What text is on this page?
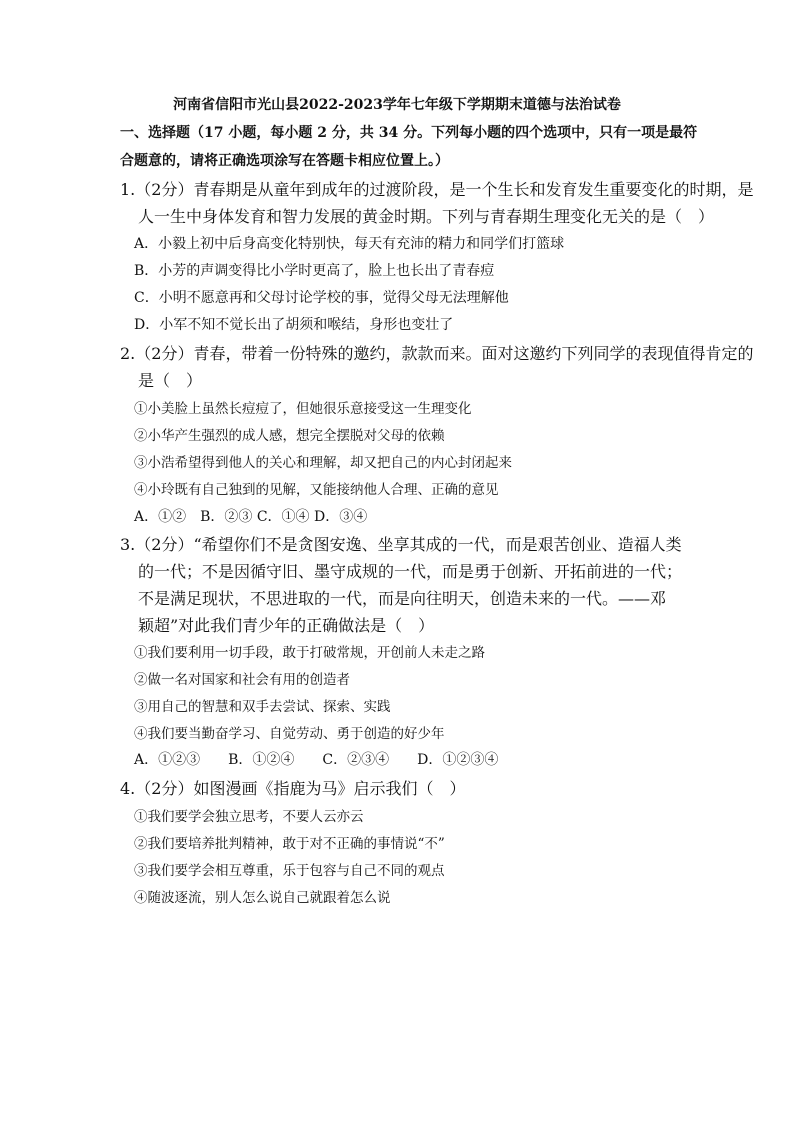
河南省信阳市光山县2022-2023学年七年级下学期期末道德与法治试卷
一、选择题（17 小题，每小题 2 分，共 34 分。下列每小题的四个选项中，只有一项是最符
合题意的，请将正确选项涂写在答题卡相应位置上。）
1.（2分）青春期是从童年到成年的过渡阶段，是一个生长和发育发生重要变化的时期，是
人一生中身体发育和智力发展的黄金时期。下列与青春期生理变化无关的是（　）
A．小毅上初中后身高变化特别快，每天有充沛的精力和同学们打篮球
B．小芳的声调变得比小学时更高了，脸上也长出了青春痘
C．小明不愿意再和父母讨论学校的事，觉得父母无法理解他
D．小军不知不觉长出了胡须和喉结，身形也变壮了
2.（2分）青春，带着一份特殊的邀约，款款而来。面对这邀约下列同学的表现值得肯定的
是（　）
①小美脸上虽然长痘痘了，但她很乐意接受这一生理变化
②小华产生强烈的成人感，想完全摆脱对父母的依赖
③小浩希望得到他人的关心和理解，却又把自己的内心封闭起来
④小玲既有自己独到的见解，又能接纳他人合理、正确的意见
A．①②　B．②③ C．①④ D．③④
3.（2分）“希望你们不是贪图安逸、坐享其成的一代，而是艰苦创业、造福人类
的一代；不是因循守旧、墨守成规的一代，而是勇于创新、开拓前进的一代；
不是满足现状，不思进取的一代，而是向往明天，创造未来的一代。——邓
颖超”对此我们青少年的正确做法是（　）
①我们要利用一切手段，敢于打破常规，开创前人未走之路
②做一名对国家和社会有用的创造者
③用自己的智慧和双手去尝试、探索、实践
④我们要当勤奋学习、自觉劳动、勇于创造的好少年
A．①②③　　B．①②④　　C．②③④　　D．①②③④
4.（2分）如图漫画《指鹿为马》启示我们（　）
①我们要学会独立思考，不要人云亦云
②我们要培养批判精神，敢于对不正确的事情说“不”
③我们要学会相互尊重，乐于包容与自己不同的观点
④随波逐流，别人怎么说自己就跟着怎么说
